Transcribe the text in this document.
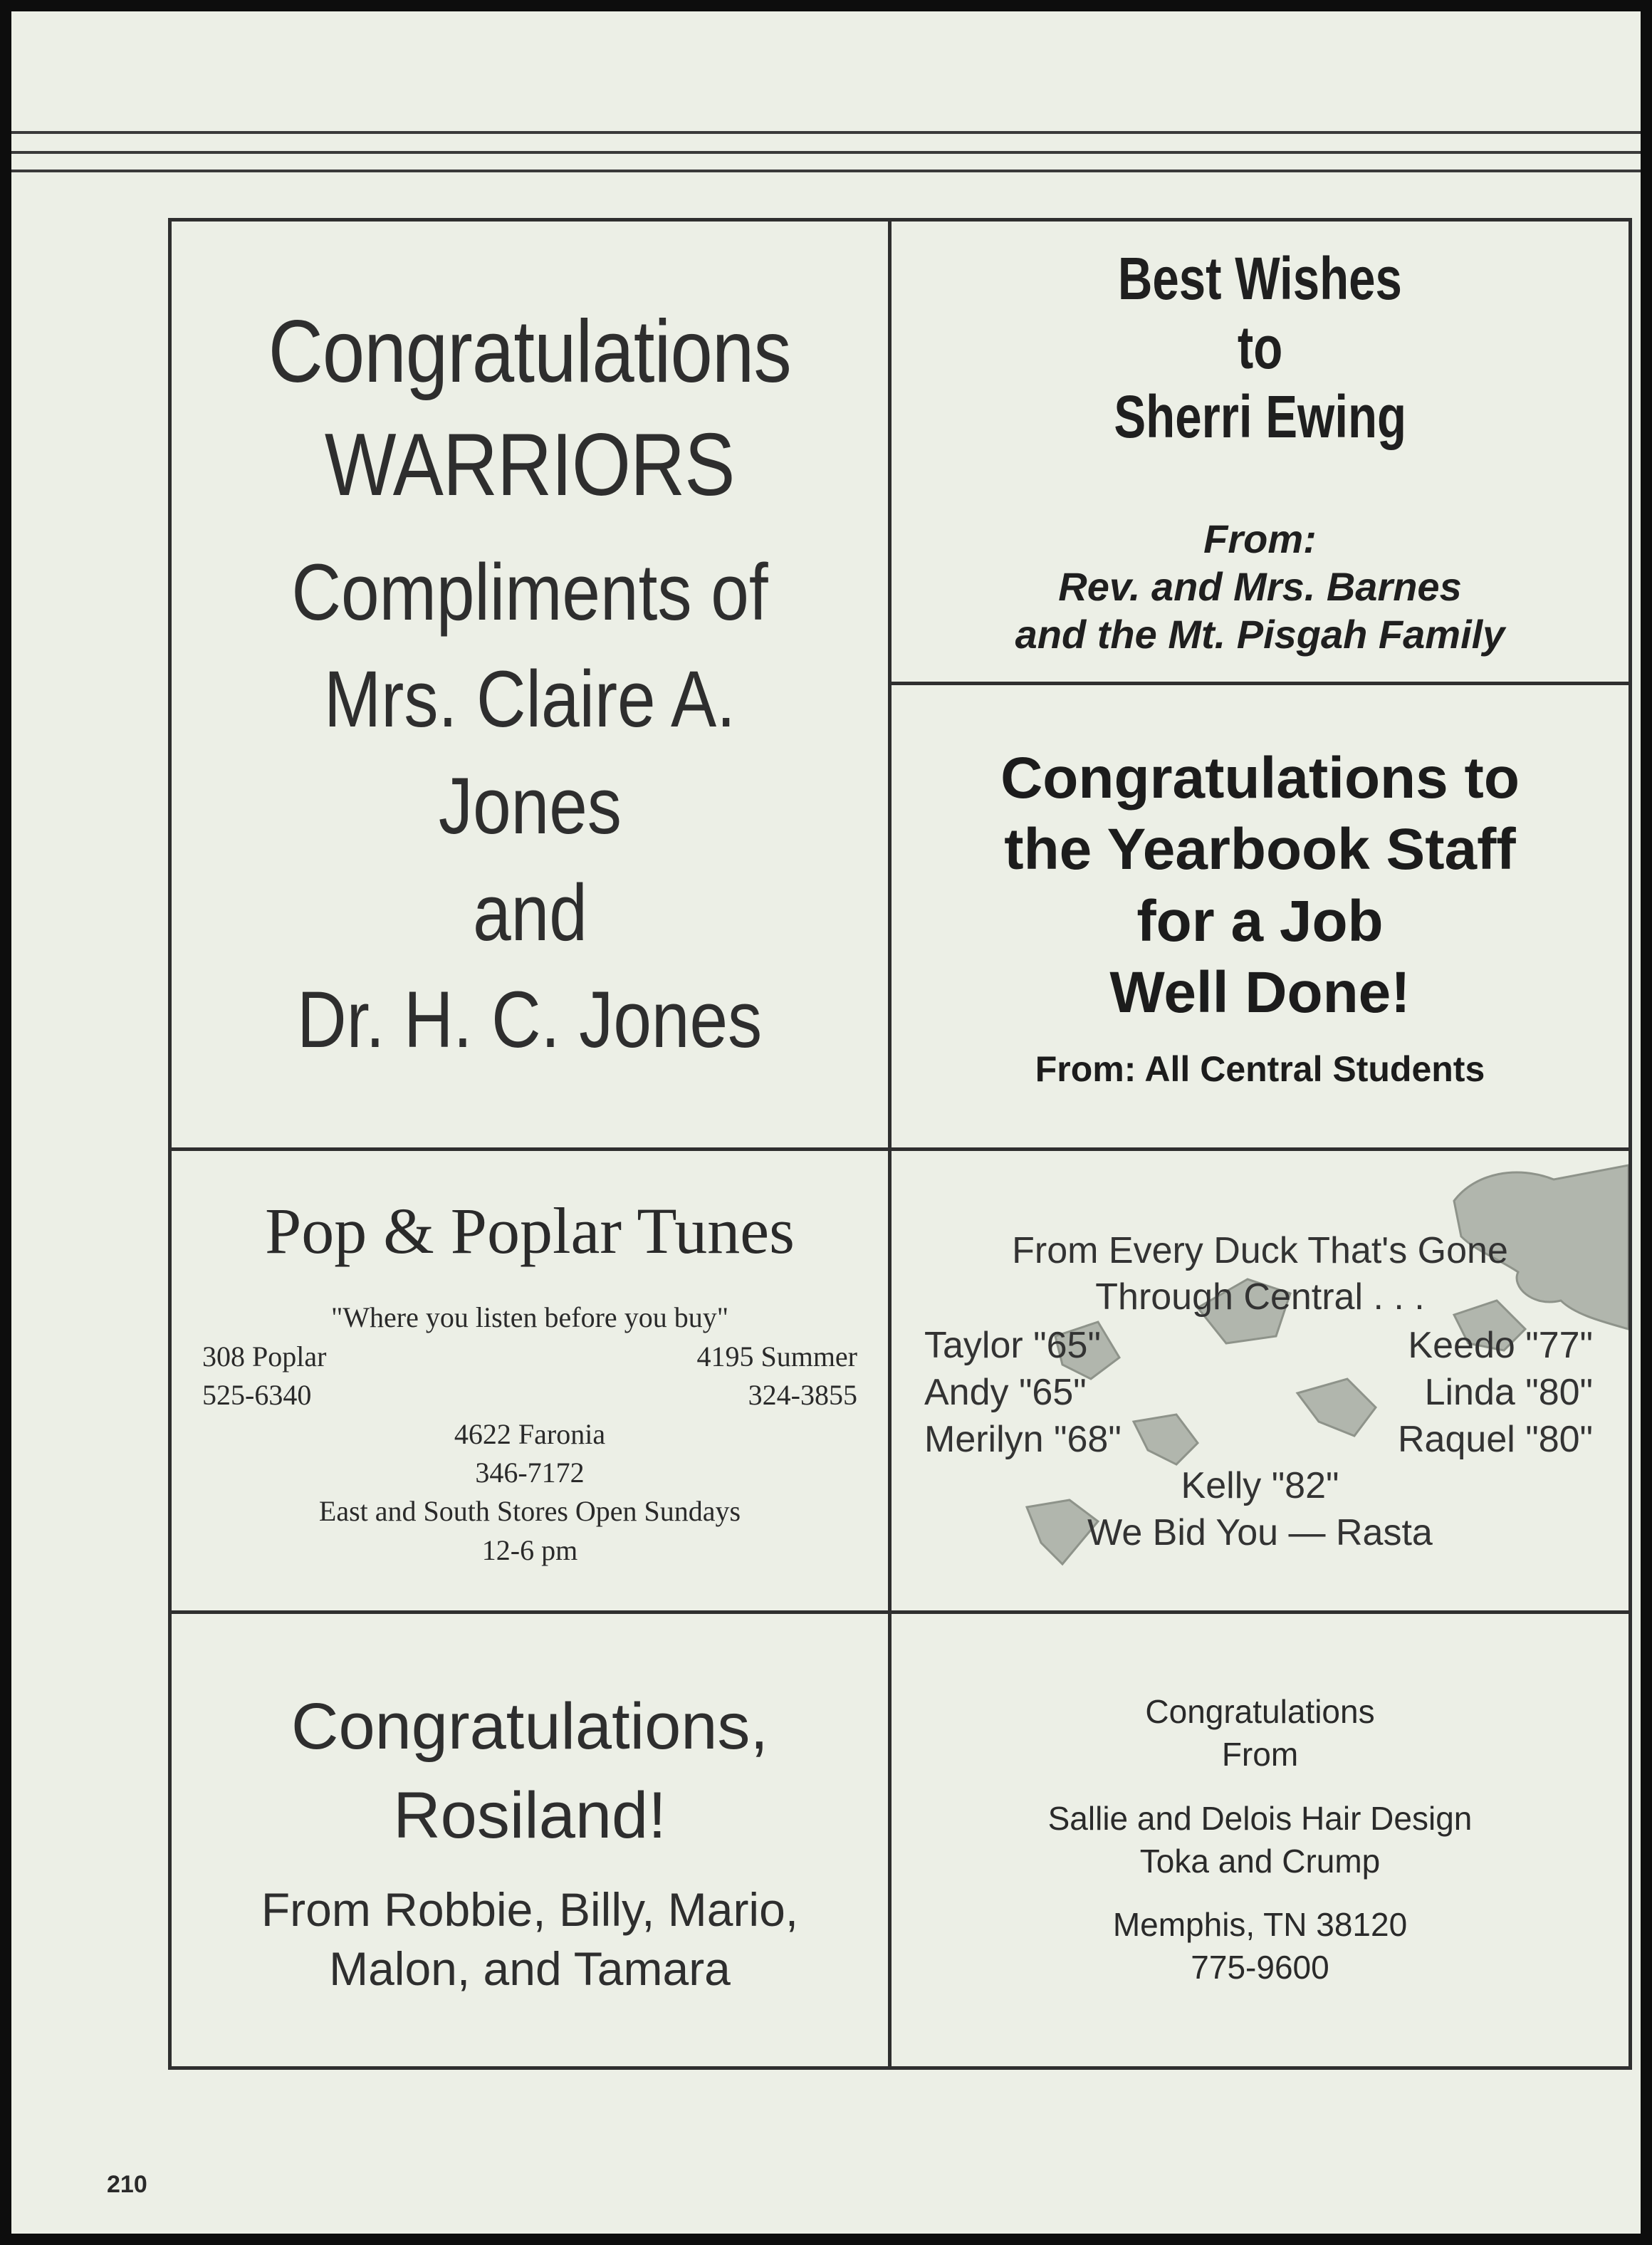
Congratulations
WARRIORS
Compliments of
Mrs. Claire A.
Jones
and
Dr. H. C. Jones
Best Wishes
to
Sherri Ewing
From:
Rev. and Mrs. Barnes
and the Mt. Pisgah Family
Congratulations to
the Yearbook Staff
for a Job
Well Done!
From: All Central Students
Pop & Poplar Tunes
"Where you listen before you buy"
308 Poplar	4195 Summer
525-6340	324-3855
4622 Faronia
346-7172
East and South Stores Open Sundays
12-6 pm
From Every Duck That's Gone
Through Central . . .
Taylor "65"
Andy "65"
Merilyn "68"
Keedo "77"
Linda "80"
Raquel "80"
Kelly "82"
We Bid You — Rasta
Congratulations,
Rosiland!
From Robbie, Billy, Mario,
Malon, and Tamara
Congratulations
From
Sallie and Delois Hair Design
Toka and Crump
Memphis, TN 38120
775-9600
210
